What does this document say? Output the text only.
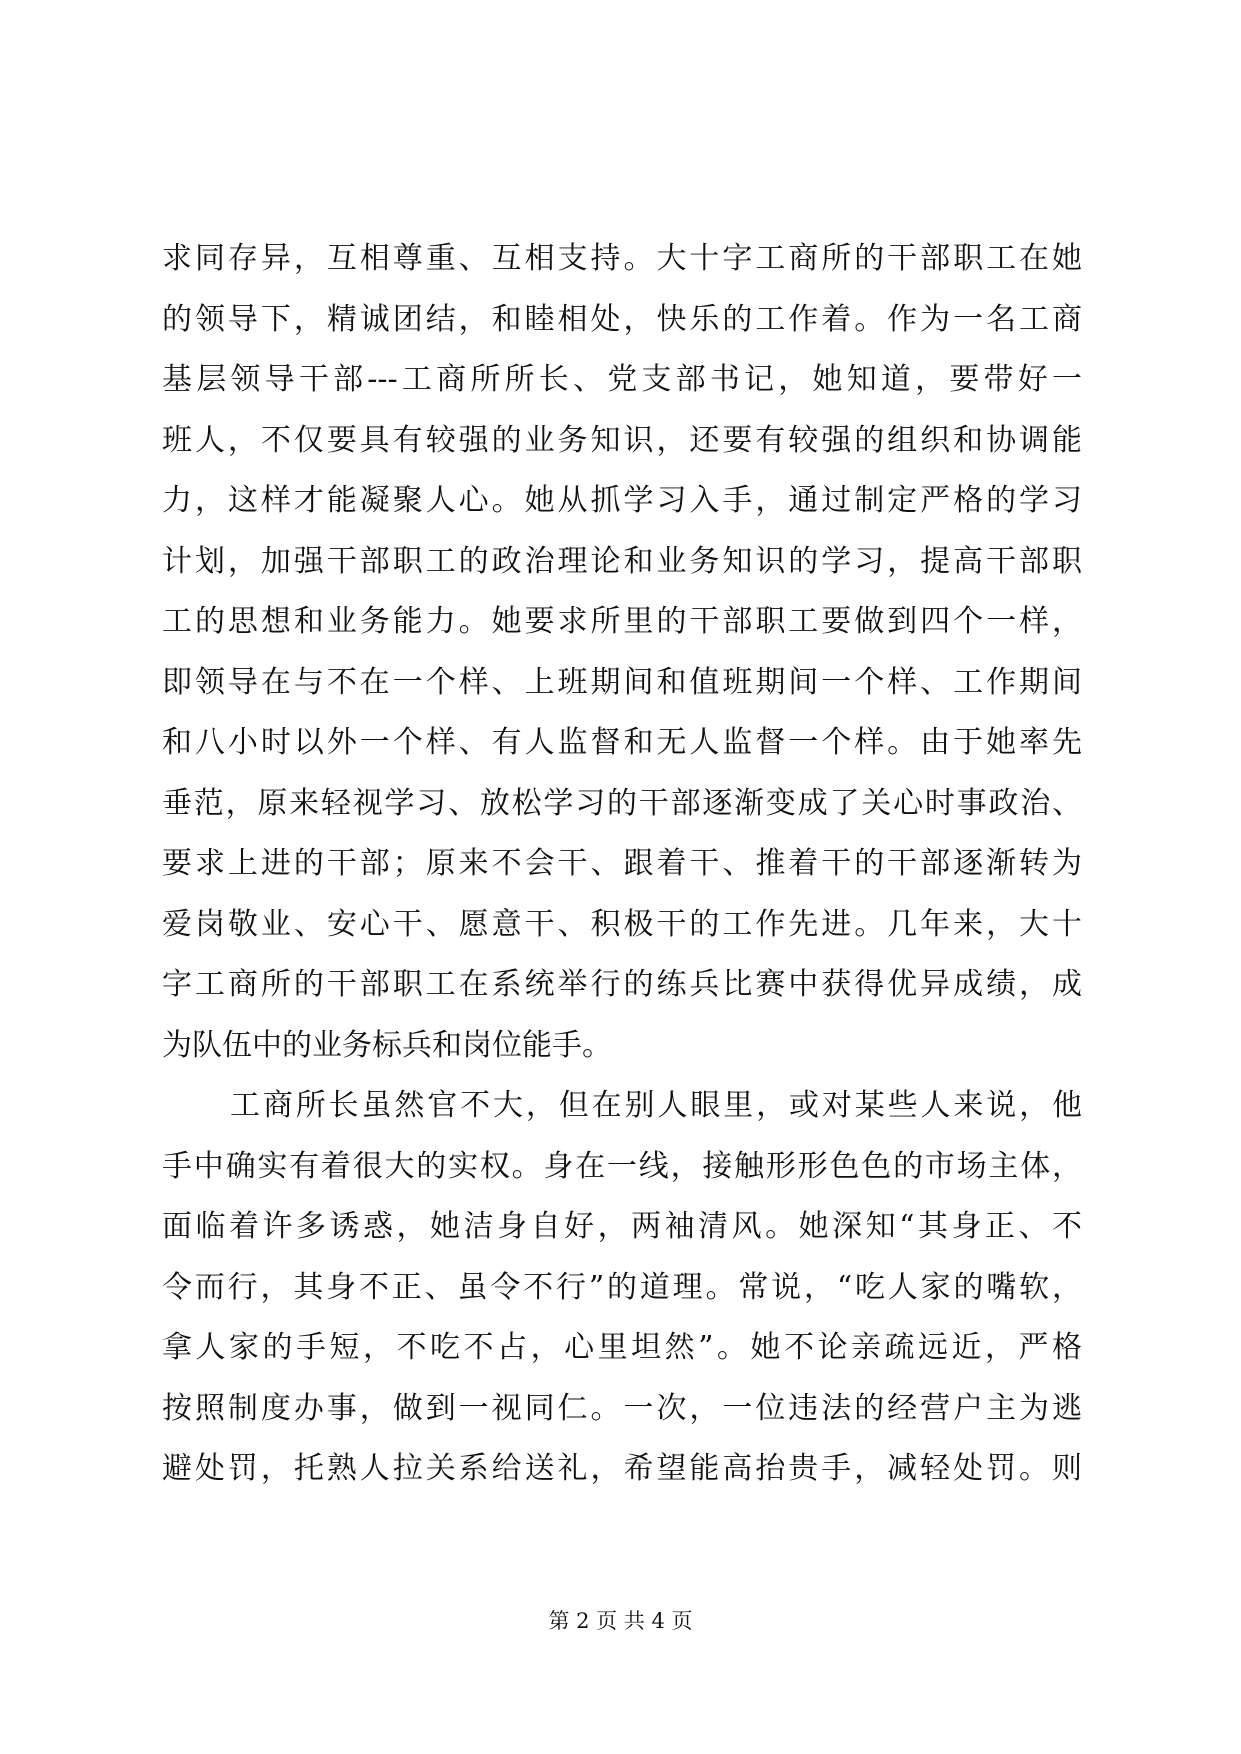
求同存异，互相尊重、互相支持。大十字工商所的干部职工在她
的领导下，精诚团结，和睦相处，快乐的工作着。作为一名工商
基层领导干部---工商所所长、党支部书记，她知道，要带好一
班人，不仅要具有较强的业务知识，还要有较强的组织和协调能
力，这样才能凝聚人心。她从抓学习入手，通过制定严格的学习
计划，加强干部职工的政治理论和业务知识的学习，提高干部职
工的思想和业务能力。她要求所里的干部职工要做到四个一样，
即领导在与不在一个样、上班期间和值班期间一个样、工作期间
和八小时以外一个样、有人监督和无人监督一个样。由于她率先
垂范，原来轻视学习、放松学习的干部逐渐变成了关心时事政治、
要求上进的干部；原来不会干、跟着干、推着干的干部逐渐转为
爱岗敬业、安心干、愿意干、积极干的工作先进。几年来，大十
字工商所的干部职工在系统举行的练兵比赛中获得优异成绩，成
为队伍中的业务标兵和岗位能手。
工商所长虽然官不大，但在别人眼里，或对某些人来说，他
手中确实有着很大的实权。身在一线，接触形形色色的市场主体，
面临着许多诱惑，她洁身自好，两袖清风。她深知“其身正、不
令而行，其身不正、虽令不行”的道理。常说，“吃人家的嘴软，
拿人家的手短，不吃不占，心里坦然”。她不论亲疏远近，严格
按照制度办事，做到一视同仁。一次，一位违法的经营户主为逃
避处罚，托熟人拉关系给送礼，希望能高抬贵手，减轻处罚。则
第 2 页 共 4 页
